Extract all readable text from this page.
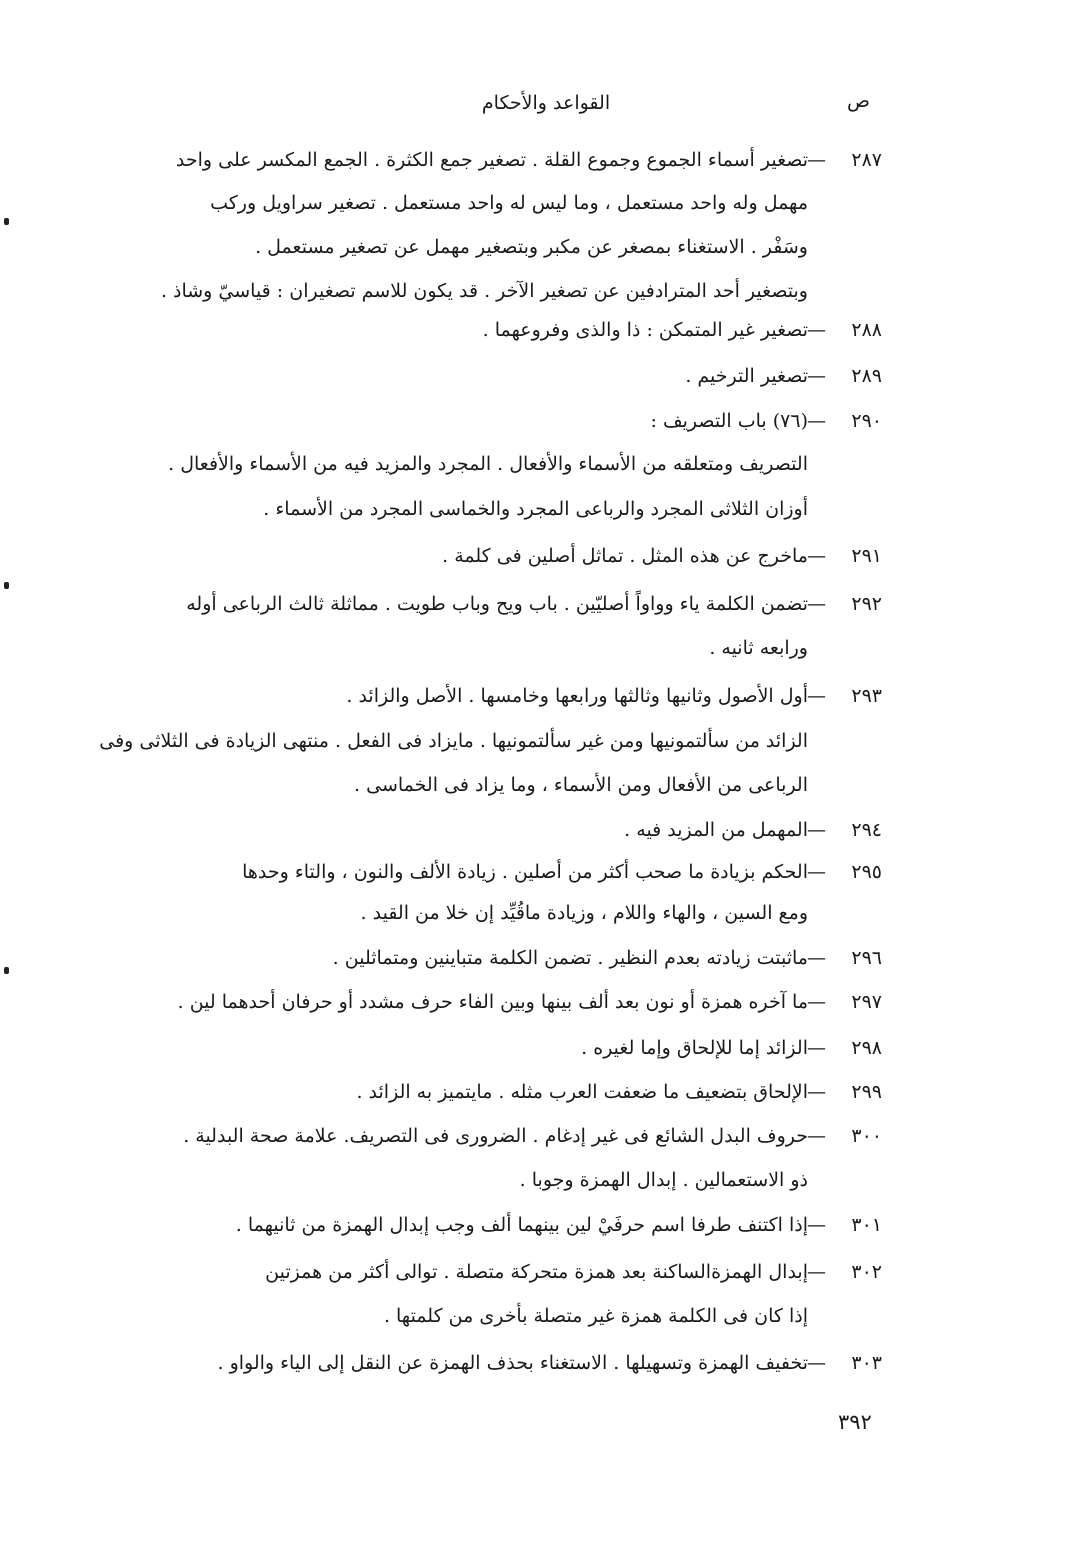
القواعد والأحكام	ص
٢٨٧
—
تصغير أسماء الجموع وجموع القلة . تصغير جمع الكثرة . الجمع المكسر على واحد
مهمل وله واحد مستعمل ، وما ليس له واحد مستعمل . تصغير سراويل وركب
وسَفْر . الاستغناء بمصغر عن مكبر وبتصغير مهمل عن تصغير مستعمل .
وبتصغير أحد المترادفين عن تصغير الآخر . قد يكون للاسم تصغيران : قياسيّ وشاذ .
٢٨٨
—
تصغير غير المتمكن : ذا والذى وفروعهما .
٢٨٩
—
تصغير الترخيم .
٢٩٠
—
(٧٦) باب التصريف :
التصريف ومتعلقه من الأسماء والأفعال . المجرد والمزيد فيه من الأسماء والأفعال .
أوزان الثلاثى المجرد والرباعى المجرد والخماسى المجرد من الأسماء .
٢٩١
—
ماخرج عن هذه المثل . تماثل أصلين فى كلمة .
٢٩٢
—
تضمن الكلمة ياء وواواً أصليّين . باب ويح وباب طويت . مماثلة ثالث الرباعى أوله
ورابعه ثانيه .
٢٩٣
—
أول الأصول وثانيها وثالثها ورابعها وخامسها . الأصل والزائد .
الزائد من سألتمونيها ومن غير سألتمونيها . مايزاد فى الفعل . منتهى الزيادة فى الثلاثى وفى
الرباعى من الأفعال ومن الأسماء ، وما يزاد فى الخماسى .
٢٩٤
—
المهمل من المزيد فيه .
٢٩٥
—
الحكم بزيادة ما صحب أكثر من أصلين . زيادة الألف والنون ، والتاء وحدها
ومع السين ، والهاء واللام ، وزيادة ماقُيِّد إن خلا من القيد .
٢٩٦
—
ماثبتت زيادته بعدم النظير . تضمن الكلمة متباينين ومتماثلين .
٢٩٧
—
ما آخره همزة أو نون بعد ألف بينها وبين الفاء حرف مشدد أو حرفان أحدهما لين .
٢٩٨
—
الزائد إما للإلحاق وإما لغيره .
٢٩٩
—
الإلحاق بتضعيف ما ضعفت العرب مثله . مايتميز به الزائد .
٣٠٠
—
حروف البدل الشائع فى غير إدغام . الضرورى فى التصريف. علامة صحة البدلية .
ذو الاستعمالين . إبدال الهمزة وجوبا .
٣٠١
—
إذا اكتنف طرفا اسم حرفَيْ لين بينهما ألف وجب إبدال الهمزة من ثانيهما .
٣٠٢
—
إبدال الهمزةالساكنة بعد همزة متحركة متصلة . توالى أكثر من همزتين
إذا كان فى الكلمة همزة غير متصلة بأخرى من كلمتها .
٣٠٣
—
تخفيف الهمزة وتسهيلها . الاستغناء بحذف الهمزة عن النقل إلى الياء والواو .
٣٩٢
